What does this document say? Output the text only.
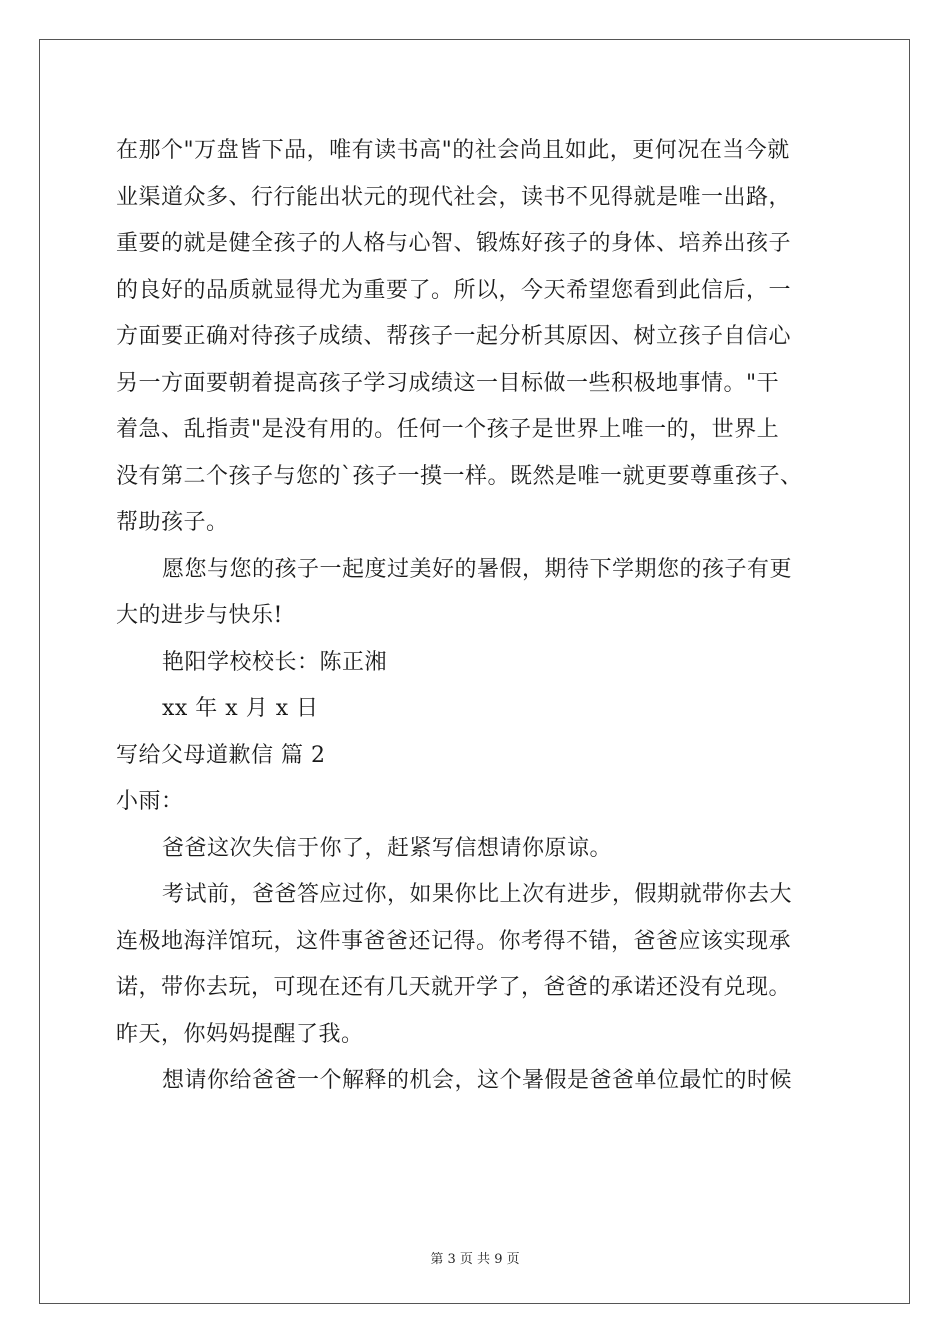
在那个"万盘皆下品，唯有读书高"的社会尚且如此，更何况在当今就
业渠道众多、行行能出状元的现代社会，读书不见得就是唯一出路，
重要的就是健全孩子的人格与心智、锻炼好孩子的身体、培养出孩子
的良好的品质就显得尤为重要了。所以，今天希望您看到此信后，一
方面要正确对待孩子成绩、帮孩子一起分析其原因、树立孩子自信心
另一方面要朝着提高孩子学习成绩这一目标做一些积极地事情。"干
着急、乱指责"是没有用的。任何一个孩子是世界上唯一的，世界上
没有第二个孩子与您的`孩子一摸一样。既然是唯一就更要尊重孩子、
帮助孩子。
愿您与您的孩子一起度过美好的暑假，期待下学期您的孩子有更
大的进步与快乐!
艳阳学校校长：陈正湘
xx 年 x 月 x 日
写给父母道歉信 篇 2
小雨：
爸爸这次失信于你了，赶紧写信想请你原谅。
考试前，爸爸答应过你，如果你比上次有进步，假期就带你去大
连极地海洋馆玩，这件事爸爸还记得。你考得不错，爸爸应该实现承
诺，带你去玩，可现在还有几天就开学了，爸爸的承诺还没有兑现。
昨天，你妈妈提醒了我。
想请你给爸爸一个解释的机会，这个暑假是爸爸单位最忙的时候
第 3 页 共 9 页
